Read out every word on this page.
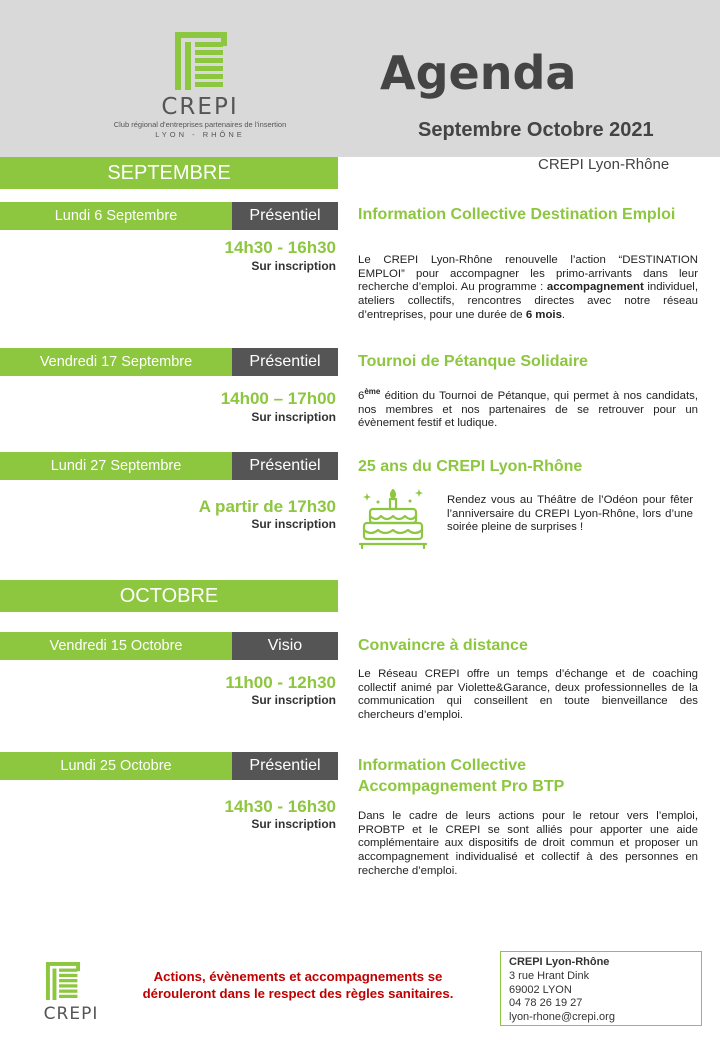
CREPI
Club régional d'entreprises partenaires de l'insertion
LYON - RHÔNE
Agenda
Septembre Octobre 2021
CREPI Lyon-Rhône
SEPTEMBRE
Lundi 6 Septembre	Présentiel
14h30 - 16h30
Sur inscription
Information Collective Destination Emploi
Le CREPI Lyon-Rhône renouvelle l’action “DESTINATION EMPLOI” pour accompagner les primo-arrivants dans leur recherche d’emploi. Au programme : accompagnement individuel, ateliers collectifs, rencontres directes avec notre réseau d’entreprises, pour une durée de 6 mois.
Vendredi 17 Septembre	Présentiel
14h00 – 17h00
Sur inscription
Tournoi de Pétanque Solidaire
6ème édition du Tournoi de Pétanque, qui permet à nos candidats, nos membres et nos partenaires de se retrouver pour un évènement festif et ludique.
Lundi 27 Septembre	Présentiel
A partir de 17h30
Sur inscription
25 ans du CREPI Lyon-Rhône
Rendez vous au Théâtre de l’Odéon pour fêter l’anniversaire du CREPI Lyon-Rhône, lors d’une soirée pleine de surprises !
OCTOBRE
Vendredi 15 Octobre	Visio
11h00 - 12h30
Sur inscription
Convaincre à distance
Le Réseau CREPI offre un temps d’échange et de coaching collectif animé par Violette&Garance, deux professionnelles de la communication qui conseillent en toute bienveillance des chercheurs d’emploi.
Lundi 25 Octobre	Présentiel
14h30 - 16h30
Sur inscription
Information Collective Accompagnement Pro BTP
Dans le cadre de leurs actions pour le retour vers l’emploi, PROBTP et le CREPI se sont alliés pour apporter une aide complémentaire aux dispositifs de droit commun et proposer un accompagnement individualisé et collectif à des personnes en recherche d’emploi.
CREPI
Actions, évènements et accompagnements se dérouleront dans le respect des règles sanitaires.
CREPI Lyon-Rhône
3 rue Hrant Dink
69002 LYON
04 78 26 19 27
lyon-rhone@crepi.org
